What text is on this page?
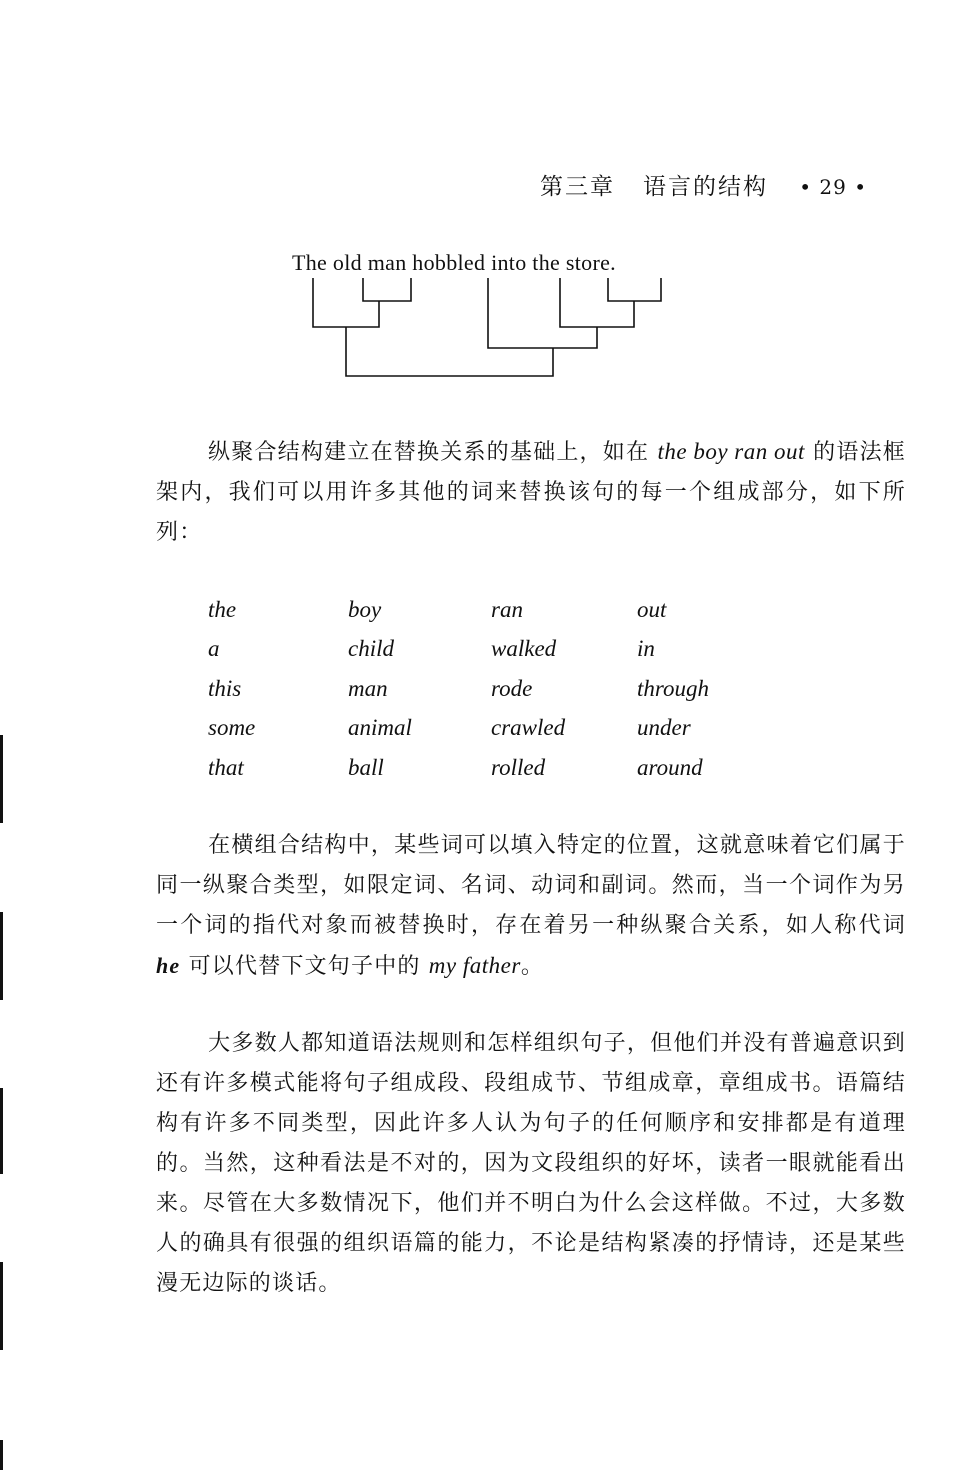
第三章 语言的结构 • 29 •
The old man hobbled into the store.
纵聚合结构建立在替换关系的基础上，如在 the boy ran out 的语法框架内，我们可以用许多其他的词来替换该句的每一个组成部分，如下所列：
the	boy	ran	out
a	child	walked	in
this	man	rode	through
some	animal	crawled	under
that	ball	rolled	around
在横组合结构中，某些词可以填入特定的位置，这就意味着它们属于同一纵聚合类型，如限定词、名词、动词和副词。然而，当一个词作为另一个词的指代对象而被替换时，存在着另一种纵聚合关系，如人称代词 he 可以代替下文句子中的 my father。
大多数人都知道语法规则和怎样组织句子，但他们并没有普遍意识到还有许多模式能将句子组成段、段组成节、节组成章，章组成书。语篇结构有许多不同类型，因此许多人认为句子的任何顺序和安排都是有道理的。当然，这种看法是不对的，因为文段组织的好坏，读者一眼就能看出来。尽管在大多数情况下，他们并不明白为什么会这样做。不过，大多数人的确具有很强的组织语篇的能力，不论是结构紧凑的抒情诗，还是某些漫无边际的谈话。
